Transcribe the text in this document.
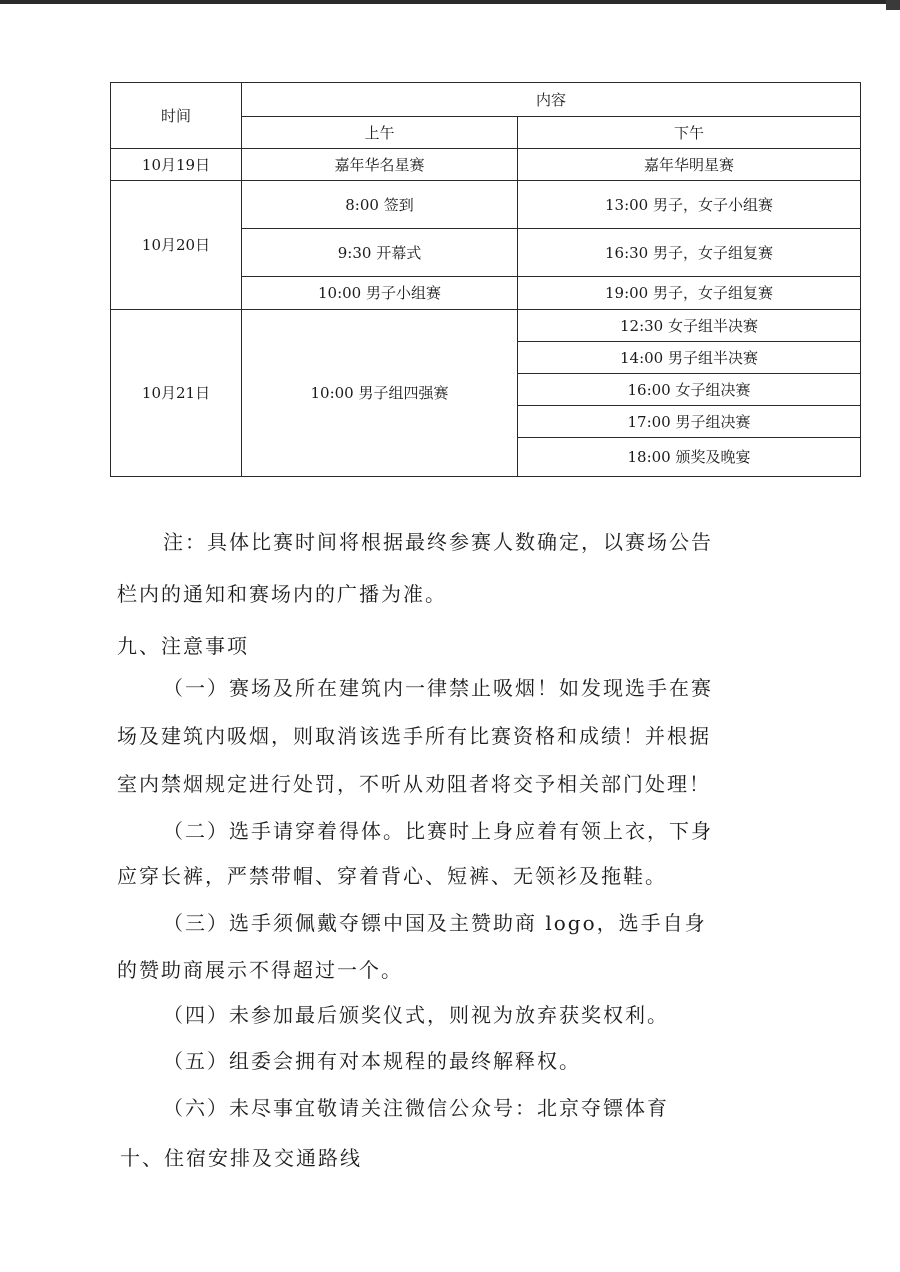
时间	内容	
	上午	下午
10月19日	嘉年华名星赛	嘉年华明星赛
10月20日	8:00 签到	13:00 男子，女子小组赛
	9:30 开幕式	16:30 男子，女子组复赛
	10:00 男子小组赛	19:00 男子，女子组复赛
10月21日	10:00 男子组四强赛	12:30 女子组半决赛
		14:00 男子组半决赛
		16:00 女子组决赛
		17:00 男子组决赛
		18:00 颁奖及晚宴

注：具体比赛时间将根据最终参赛人数确定，以赛场公告

栏内的通知和赛场内的广播为准。

九、注意事项

（一）赛场及所在建筑内一律禁止吸烟！如发现选手在赛

场及建筑内吸烟，则取消该选手所有比赛资格和成绩！并根据

室内禁烟规定进行处罚，不听从劝阻者将交予相关部门处理！

（二）选手请穿着得体。比赛时上身应着有领上衣，下身

应穿长裤，严禁带帽、穿着背心、短裤、无领衫及拖鞋。

（三）选手须佩戴夺镖中国及主赞助商 logo，选手自身

的赞助商展示不得超过一个。

（四）未参加最后颁奖仪式，则视为放弃获奖权利。

（五）组委会拥有对本规程的最终解释权。

（六）未尽事宜敬请关注微信公众号：北京夺镖体育

十、住宿安排及交通路线
